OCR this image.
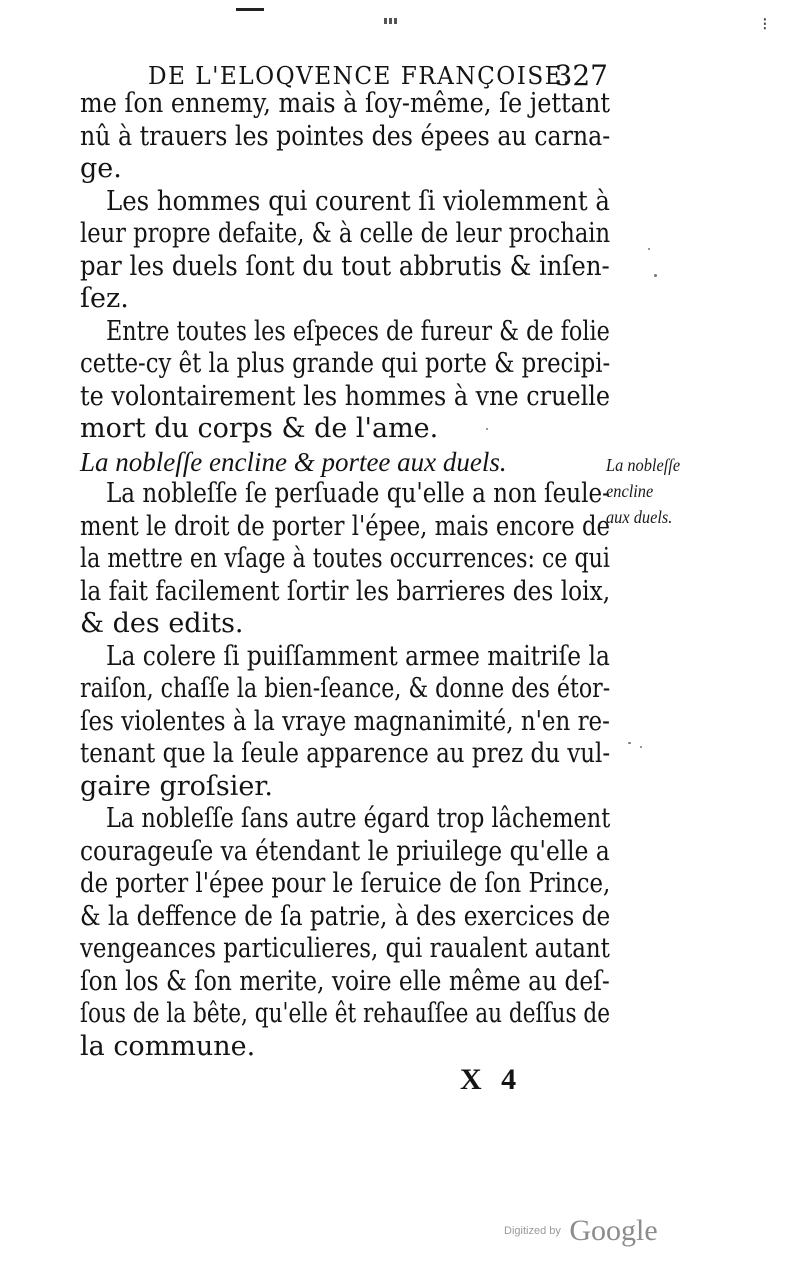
⁝
DE L'ELOQVENCE FRANÇOISE.
327
me ſon ennemy, mais à ſoy-même, ſe jettant
nû à trauers les pointes des épees au carna-
ge.
Les hommes qui courent ſi violemment à
leur propre defaite, & à celle de leur prochain
par les duels ſont du tout abbrutis & inſen-
ſez.
Entre toutes les eſpeces de fureur & de folie
cette-cy êt la plus grande qui porte & precipi-
te volontairement les hommes à vne cruelle
mort du corps & de l'ame.
La nobleſſe encline & portee aux duels.
La nobleſſe ſe perſuade qu'elle a non ſeule-
ment le droit de porter l'épee, mais encore de
la mettre en vſage à toutes occurrences: ce qui
la fait facilement ſortir les barrieres des loix,
& des edits.
La colere ſi puiſſamment armee maitriſe la
raiſon, chaſſe la bien-ſeance, & donne des étor-
ſes violentes à la vraye magnanimité, n'en re-
tenant que la ſeule apparence au prez du vul-
gaire groſsier.
La nobleſſe ſans autre égard trop lâchement
courageuſe va étendant le priuilege qu'elle a
de porter l'épee pour le ſeruice de ſon Prince,
& la deffence de ſa patrie, à des exercices de
vengeances particulieres, qui raualent autant
ſon los & ſon merite, voire elle même au deſ-
ſous de la bête, qu'elle êt rehauſſee au deſſus de
la commune.
La nobleſſe
encline
aux duels.
X 4
Digitized by Google
